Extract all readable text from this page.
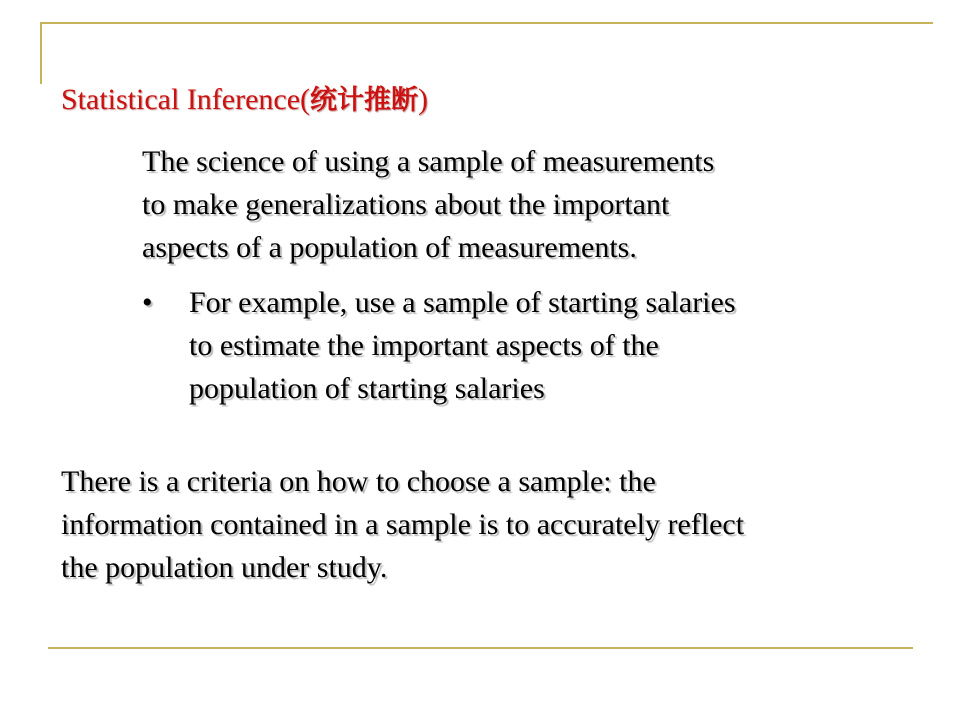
Statistical Inference(统计推断)

The science of using a sample of measurements
to make generalizations about the important
aspects of a population of measurements.

• For example, use a sample of starting salaries
to estimate the important aspects of the
population of starting salaries

There is a criteria on how to choose a sample: the
information contained in a sample is to accurately reflect
the population under study.
